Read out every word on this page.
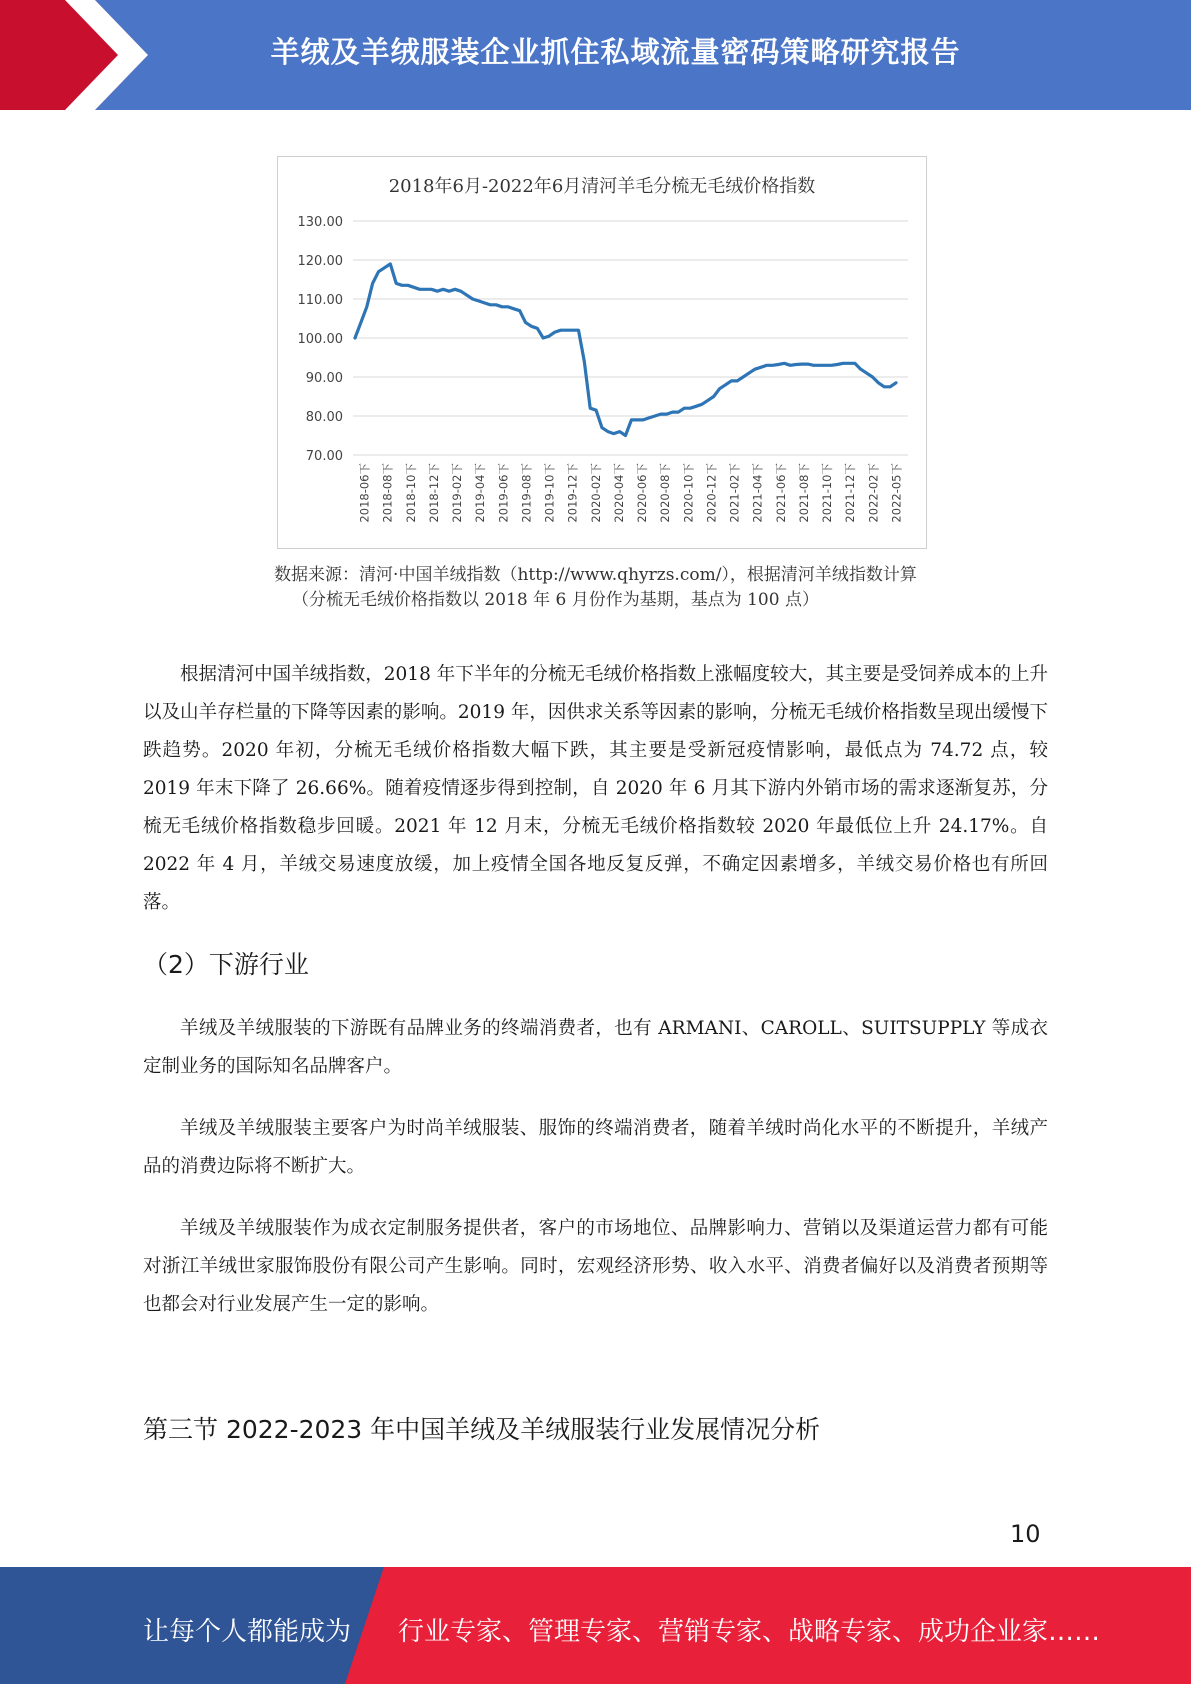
羊绒及羊绒服装企业抓住私域流量密码策略研究报告
2018年6月-2022年6月清河羊毛分梳无毛绒价格指数
130.00
120.00
110.00
100.00
90.00
80.00
70.00
2018-06下 2018-08下 2018-10下 2018-12下 2019-02下 2019-04下 2019-06下 2019-08下 2019-10下 2019-12下 2020-02下 2020-04下 2020-06下 2020-08下 2020-10下 2020-12下 2021-02下 2021-04下 2021-06下 2021-08下 2021-10下 2021-12下 2022-02下 2022-05下
数据来源：清河·中国羊绒指数（http://www.qhyrzs.com/），根据清河羊绒指数计算
（分梳无毛绒价格指数以 2018 年 6 月份作为基期，基点为 100 点）
根据清河中国羊绒指数，2018 年下半年的分梳无毛绒价格指数上涨幅度较大，其主要是受饲养成本的上升以及山羊存栏量的下降等因素的影响。2019 年，因供求关系等因素的影响，分梳无毛绒价格指数呈现出缓慢下跌趋势。2020 年初，分梳无毛绒价格指数大幅下跌，其主要是受新冠疫情影响，最低点为 74.72 点，较 2019 年末下降了 26.66%。随着疫情逐步得到控制，自 2020 年 6 月其下游内外销市场的需求逐渐复苏，分梳无毛绒价格指数稳步回暖。2021 年 12 月末，分梳无毛绒价格指数较 2020 年最低位上升 24.17%。自 2022 年 4 月，羊绒交易速度放缓，加上疫情全国各地反复反弹，不确定因素增多，羊绒交易价格也有所回落。
（2）下游行业
羊绒及羊绒服装的下游既有品牌业务的终端消费者，也有 ARMANI、CAROLL、SUITSUPPLY 等成衣定制业务的国际知名品牌客户。
羊绒及羊绒服装主要客户为时尚羊绒服装、服饰的终端消费者，随着羊绒时尚化水平的不断提升，羊绒产品的消费边际将不断扩大。
羊绒及羊绒服装作为成衣定制服务提供者，客户的市场地位、品牌影响力、营销以及渠道运营力都有可能对浙江羊绒世家服饰股份有限公司产生影响。同时，宏观经济形势、收入水平、消费者偏好以及消费者预期等也都会对行业发展产生一定的影响。
第三节 2022-2023 年中国羊绒及羊绒服装行业发展情况分析
10
让每个人都能成为 行业专家、管理专家、营销专家、战略专家、成功企业家……
